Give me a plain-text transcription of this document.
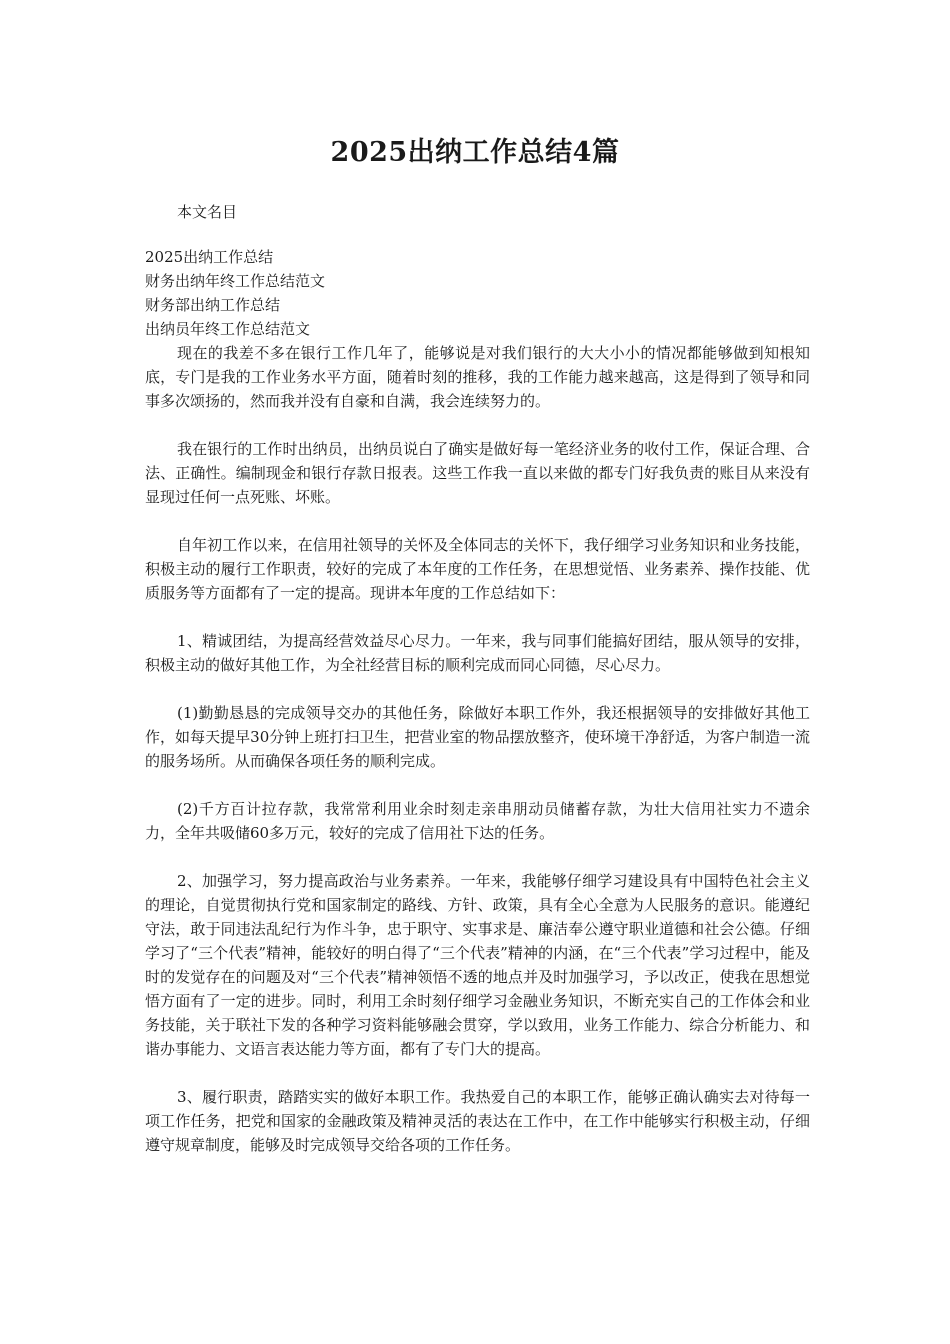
2025出纳工作总结4篇

本文名目

2025出纳工作总结

财务出纳年终工作总结范文

财务部出纳工作总结

出纳员年终工作总结范文

现在的我差不多在银行工作几年了，能够说是对我们银行的大大小小的情况都能够做到知根知底，专门是我的工作业务水平方面，随着时刻的推移，我的工作能力越来越高，这是得到了领导和同事多次颂扬的，然而我并没有自豪和自满，我会连续努力的。

我在银行的工作时出纳员，出纳员说白了确实是做好每一笔经济业务的收付工作，保证合理、合法、正确性。编制现金和银行存款日报表。这些工作我一直以来做的都专门好我负责的账目从来没有显现过任何一点死账、坏账。

自年初工作以来，在信用社领导的关怀及全体同志的关怀下，我仔细学习业务知识和业务技能，积极主动的履行工作职责，较好的完成了本年度的工作任务，在思想觉悟、业务素养、操作技能、优质服务等方面都有了一定的提高。现讲本年度的工作总结如下：

1、精诚团结，为提高经营效益尽心尽力。一年来，我与同事们能搞好团结，服从领导的安排，积极主动的做好其他工作，为全社经营目标的顺利完成而同心同德，尽心尽力。

(1)勤勤恳恳的完成领导交办的其他任务，除做好本职工作外，我还根据领导的安排做好其他工作，如每天提早30分钟上班打扫卫生，把营业室的物品摆放整齐，使环境干净舒适，为客户制造一流的服务场所。从而确保各项任务的顺利完成。

(2)千方百计拉存款，我常常利用业余时刻走亲串朋动员储蓄存款，为壮大信用社实力不遗余力，全年共吸储60多万元，较好的完成了信用社下达的任务。

2、加强学习，努力提高政治与业务素养。一年来，我能够仔细学习建设具有中国特色社会主义的理论，自觉贯彻执行党和国家制定的路线、方针、政策，具有全心全意为人民服务的意识。能遵纪守法，敢于同违法乱纪行为作斗争，忠于职守、实事求是、廉洁奉公遵守职业道德和社会公德。仔细学习了“三个代表”精神，能较好的明白得了“三个代表”精神的内涵，在“三个代表”学习过程中，能及时的发觉存在的问题及对“三个代表”精神领悟不透的地点并及时加强学习，予以改正，使我在思想觉悟方面有了一定的进步。同时，利用工余时刻仔细学习金融业务知识，不断充实自己的工作体会和业务技能，关于联社下发的各种学习资料能够融会贯穿，学以致用，业务工作能力、综合分析能力、和谐办事能力、文语言表达能力等方面，都有了专门大的提高。

3、履行职责，踏踏实实的做好本职工作。我热爱自己的本职工作，能够正确认确实去对待每一项工作任务，把党和国家的金融政策及精神灵活的表达在工作中，在工作中能够实行积极主动，仔细遵守规章制度，能够及时完成领导交给各项的工作任务。
